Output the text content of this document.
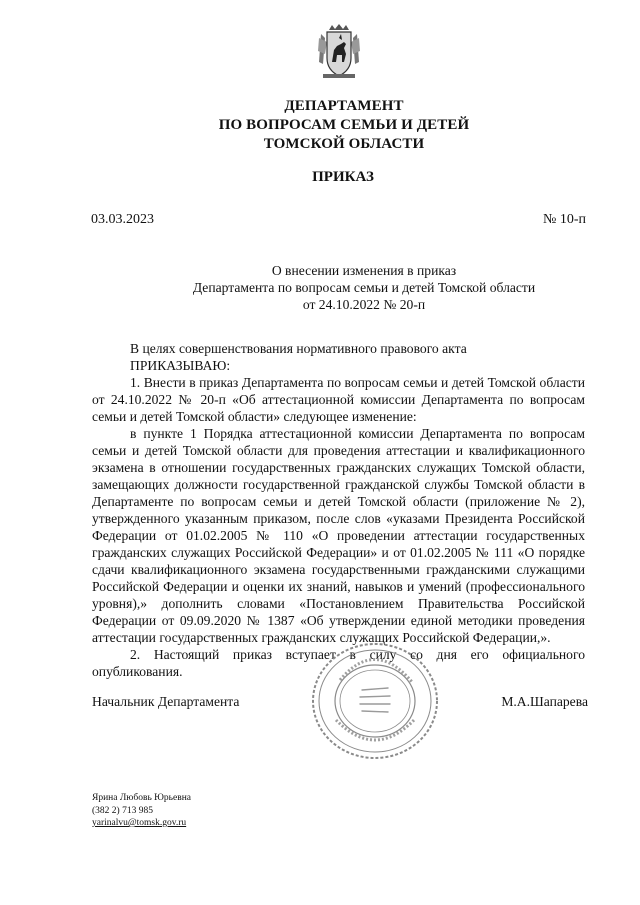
ДЕПАРТАМЕНТ
ПО ВОПРОСАМ СЕМЬИ И ДЕТЕЙ
ТОМСКОЙ ОБЛАСТИ
ПРИКАЗ
03.03.2023	№ 10-п
О внесении изменения в приказ
Департамента по вопросам семьи и детей Томской области
от 24.10.2022 № 20-п

В целях совершенствования нормативного правового акта

ПРИКАЗЫВАЮ:

1. Внести в приказ Департамента по вопросам семьи и детей Томской области от 24.10.2022 № 20-п «Об аттестационной комиссии Департамента по вопросам семьи и детей Томской области» следующее изменение:

в пункте 1 Порядка аттестационной комиссии Департамента по вопросам семьи и детей Томской области для проведения аттестации и квалификационного экзамена в отношении государственных гражданских служащих Томской области, замещающих должности государственной гражданской службы Томской области в Департаменте по вопросам семьи и детей Томской области (приложение № 2), утвержденного указанным приказом, после слов «указами Президента Российской Федерации от 01.02.2005 № 110 «О проведении аттестации государственных гражданских служащих Российской Федерации» и от 01.02.2005 № 111 «О порядке сдачи квалификационного экзамена государственными гражданскими служащими Российской Федерации и оценки их знаний, навыков и умений (профессионального уровня),» дополнить словами «Постановлением Правительства Российской Федерации от 09.09.2020 № 1387 «Об утверждении единой методики проведения аттестации государственных гражданских служащих Российской Федерации,».

2. Настоящий приказ вступает в силу со дня его официального опубликования.

Начальник Департамента	М.А.Шапарева
Ярина Любовь Юрьевна
(382 2) 713 985
yarinalvu@tomsk.gov.ru
